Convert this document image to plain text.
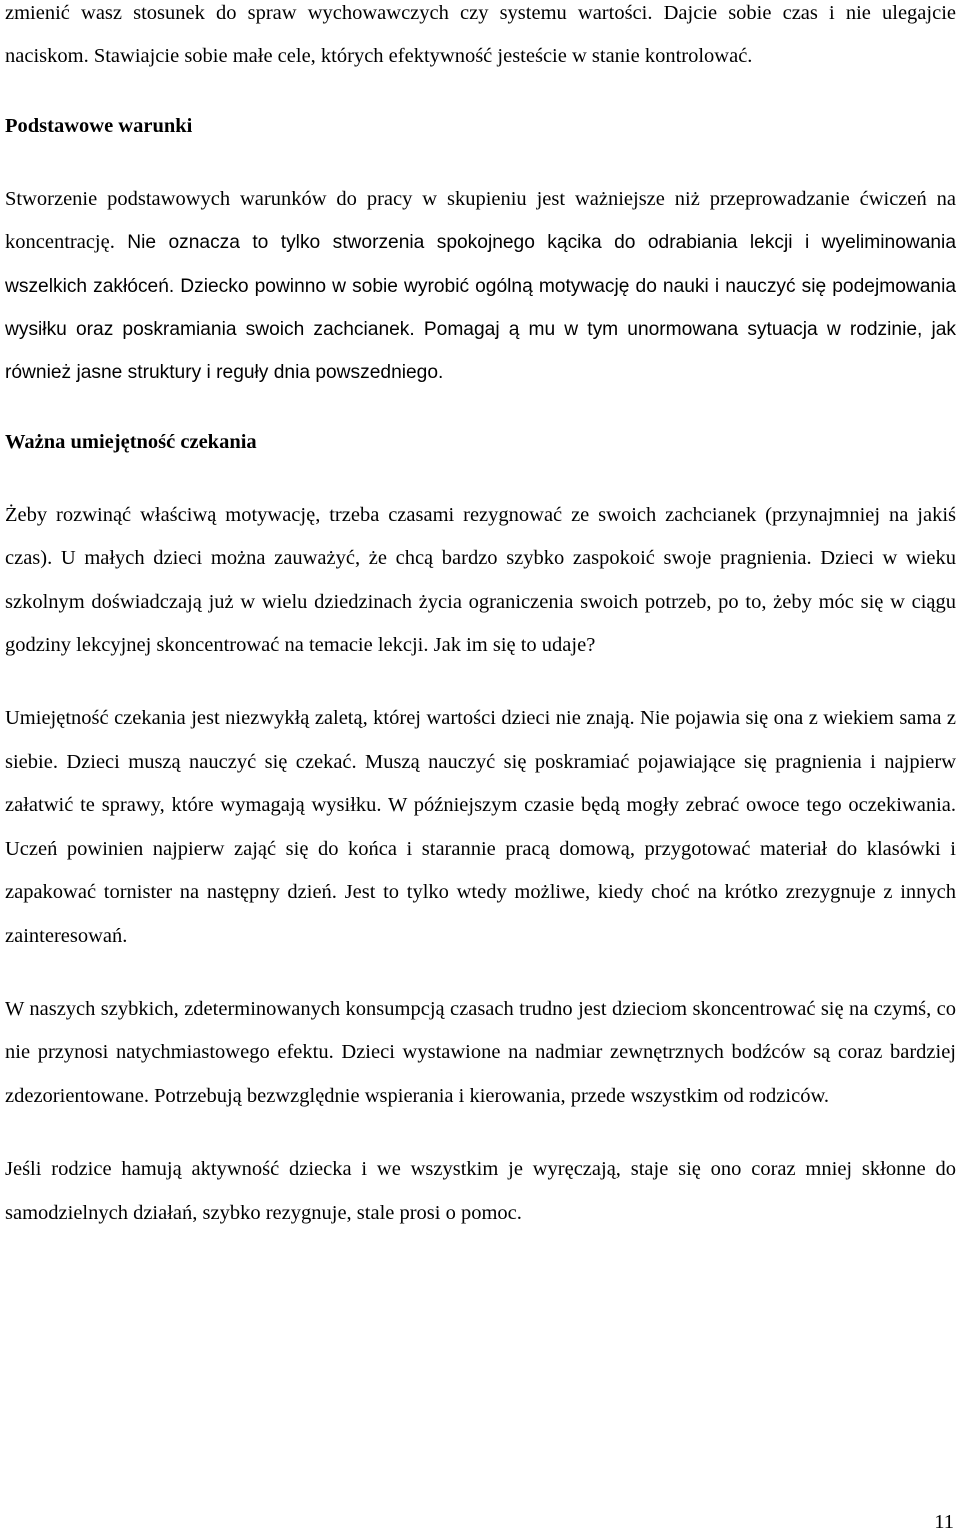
zmienić wasz stosunek do spraw wychowawczych czy systemu wartości. Dajcie sobie czas i nie ulegajcie naciskom. Stawiajcie sobie małe cele, których efektywność jesteście w stanie kontrolować.

Podstawowe warunki

Stworzenie podstawowych warunków do pracy w skupieniu jest ważniejsze niż przeprowadzanie ćwiczeń na koncentrację. Nie oznacza to tylko stworzenia spokojnego kącika do odrabiania lekcji i wyeliminowania wszelkich zakłóceń. Dziecko powinno w sobie wyrobić ogólną motywację do nauki i nauczyć się podejmowania wysiłku oraz poskramiania swoich zachcianek. Pomagaj ą mu w tym unormowana sytuacja w rodzinie, jak również jasne struktury i reguły dnia powszedniego.

Ważna umiejętność czekania

Żeby rozwinąć właściwą motywację, trzeba czasami rezygnować ze swoich zachcianek (przynajmniej na jakiś czas). U małych dzieci można zauważyć, że chcą bardzo szybko zaspokoić swoje pragnienia. Dzieci w wieku szkolnym doświadczają już w wielu dziedzinach życia ograniczenia swoich potrzeb, po to, żeby móc się w ciągu godziny lekcyjnej skoncentrować na temacie lekcji. Jak im się to udaje?

Umiejętność czekania jest niezwykłą zaletą, której wartości dzieci nie znają. Nie pojawia się ona z wiekiem sama z siebie. Dzieci muszą nauczyć się czekać. Muszą nauczyć się poskramiać pojawiające się pragnienia i najpierw załatwić te sprawy, które wymagają wysiłku. W późniejszym czasie będą mogły zebrać owoce tego oczekiwania. Uczeń powinien najpierw zająć się do końca i starannie pracą domową, przygotować materiał do klasówki i zapakować tornister na następny dzień. Jest to tylko wtedy możliwe, kiedy choć na krótko zrezygnuje z innych zainteresowań.

W naszych szybkich, zdeterminowanych konsumpcją czasach trudno jest dzieciom skoncentrować się na czymś, co nie przynosi natychmiastowego efektu. Dzieci wystawione na nadmiar zewnętrznych bodźców są coraz bardziej zdezorientowane. Potrzebują bezwzględnie wspierania i kierowania, przede wszystkim od rodziców.

Jeśli rodzice hamują aktywność dziecka i we wszystkim je wyręczają, staje się ono coraz mniej skłonne do samodzielnych działań, szybko rezygnuje, stale prosi o pomoc.

11
